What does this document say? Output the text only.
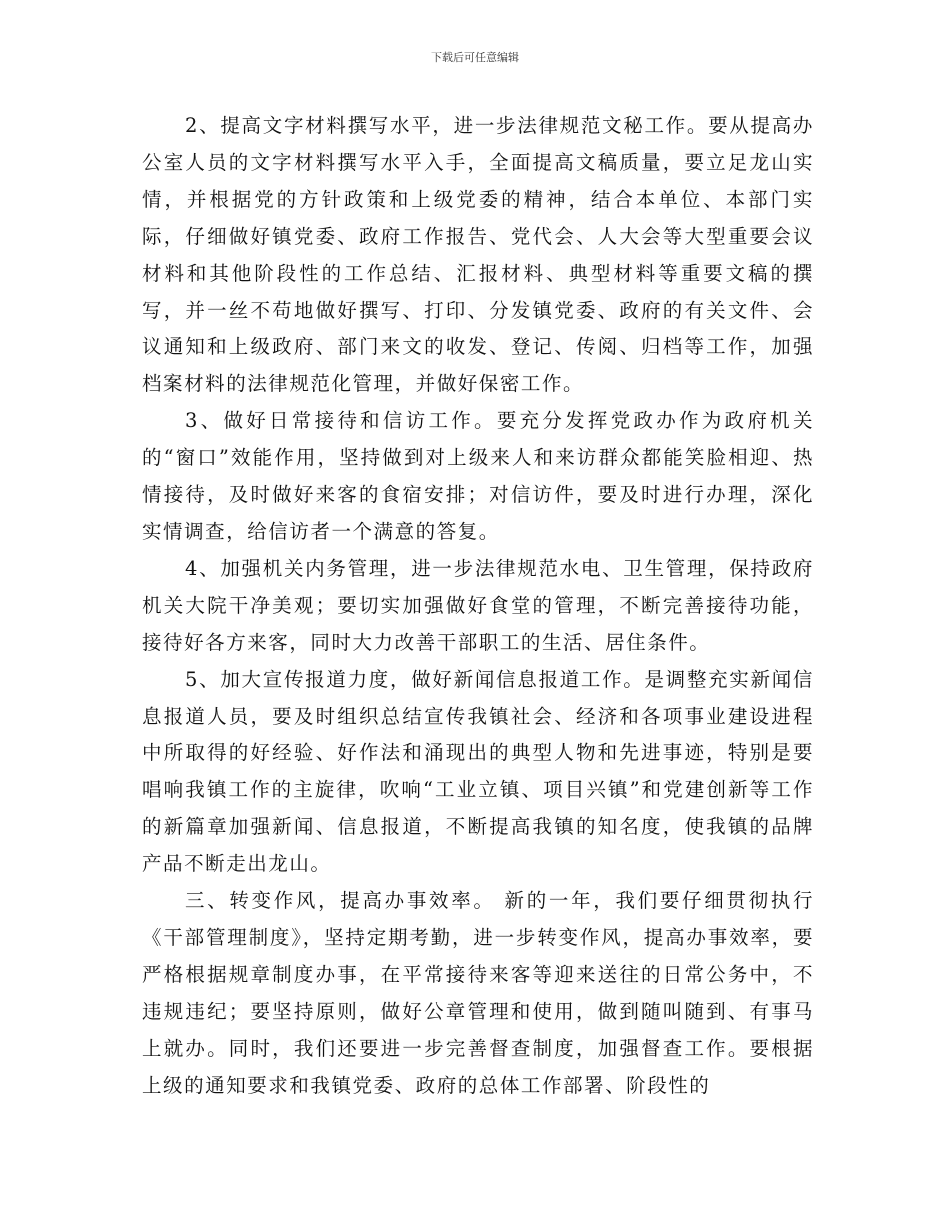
下载后可任意编辑

2、提高文字材料撰写水平，进一步法律规范文秘工作。要从提高办公室人员的文字材料撰写水平入手，全面提高文稿质量，要立足龙山实情，并根据党的方针政策和上级党委的精神，结合本单位、本部门实际，仔细做好镇党委、政府工作报告、党代会、人大会等大型重要会议材料和其他阶段性的工作总结、汇报材料、典型材料等重要文稿的撰写，并一丝不苟地做好撰写、打印、分发镇党委、政府的有关文件、会议通知和上级政府、部门来文的收发、登记、传阅、归档等工作，加强档案材料的法律规范化管理，并做好保密工作。

3、做好日常接待和信访工作。要充分发挥党政办作为政府机关的“窗口”效能作用，坚持做到对上级来人和来访群众都能笑脸相迎、热情接待，及时做好来客的食宿安排；对信访件，要及时进行办理，深化实情调查，给信访者一个满意的答复。

4、加强机关内务管理，进一步法律规范水电、卫生管理，保持政府机关大院干净美观；要切实加强做好食堂的管理，不断完善接待功能，接待好各方来客，同时大力改善干部职工的生活、居住条件。

5、加大宣传报道力度，做好新闻信息报道工作。是调整充实新闻信息报道人员，要及时组织总结宣传我镇社会、经济和各项事业建设进程中所取得的好经验、好作法和涌现出的典型人物和先进事迹，特别是要唱响我镇工作的主旋律，吹响“工业立镇、项目兴镇”和党建创新等工作的新篇章加强新闻、信息报道，不断提高我镇的知名度，使我镇的品牌产品不断走出龙山。

三、转变作风，提高办事效率。 新的一年，我们要仔细贯彻执行《干部管理制度》，坚持定期考勤，进一步转变作风，提高办事效率，要严格根据规章制度办事，在平常接待来客等迎来送往的日常公务中，不违规违纪；要坚持原则，做好公章管理和使用，做到随叫随到、有事马上就办。同时，我们还要进一步完善督查制度，加强督查工作。要根据上级的通知要求和我镇党委、政府的总体工作部署、阶段性的
